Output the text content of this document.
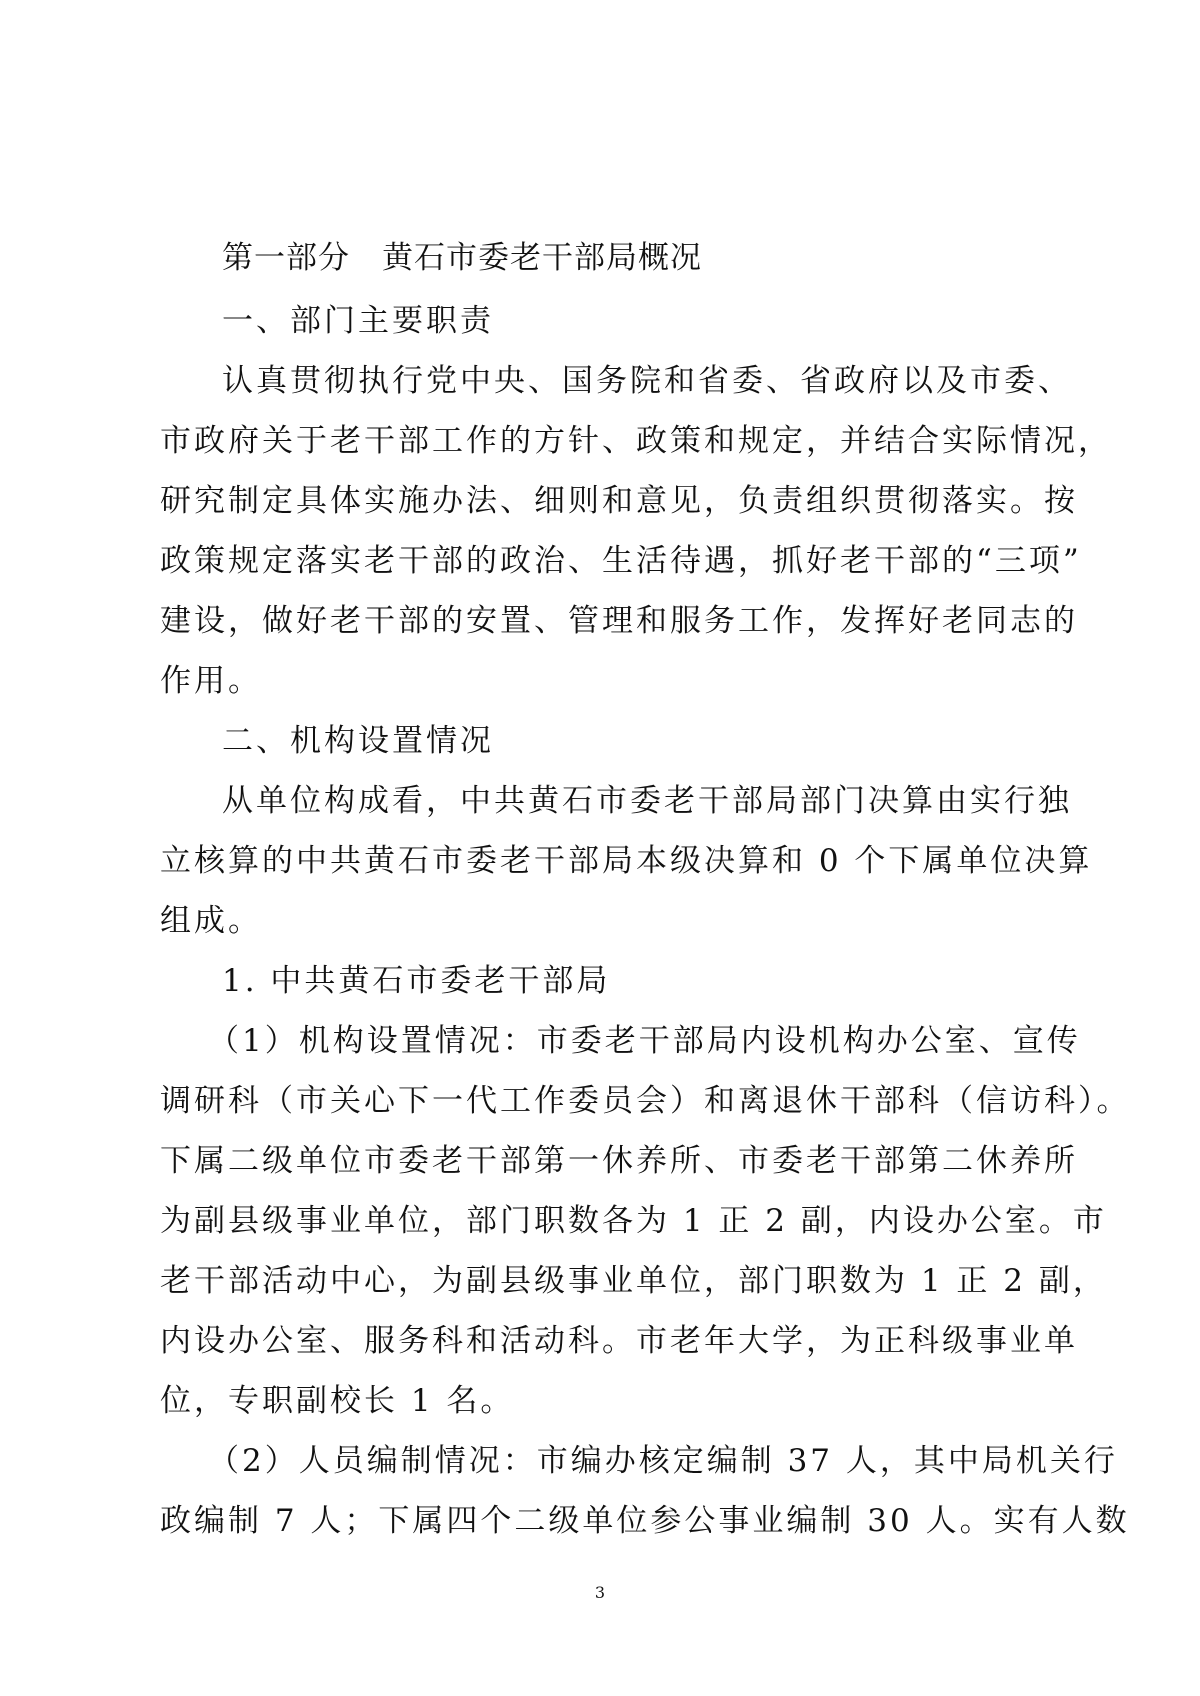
第一部分　黄石市委老干部局概况
一、部门主要职责
认真贯彻执行党中央、国务院和省委、省政府以及市委、
市政府关于老干部工作的方针、政策和规定，并结合实际情况，
研究制定具体实施办法、细则和意见，负责组织贯彻落实。按
政策规定落实老干部的政治、生活待遇，抓好老干部的“三项”
建设，做好老干部的安置、管理和服务工作，发挥好老同志的
作用。
二、机构设置情况
从单位构成看，中共黄石市委老干部局部门决算由实行独
立核算的中共黄石市委老干部局本级决算和 0 个下属单位决算
组成。
1. 中共黄石市委老干部局
（1）机构设置情况：市委老干部局内设机构办公室、宣传
调研科（市关心下一代工作委员会）和离退休干部科（信访科）。
下属二级单位市委老干部第一休养所、市委老干部第二休养所
为副县级事业单位，部门职数各为 1 正 2 副，内设办公室。市
老干部活动中心，为副县级事业单位，部门职数为 1 正 2 副，
内设办公室、服务科和活动科。市老年大学，为正科级事业单
位，专职副校长 1 名。
（2）人员编制情况：市编办核定编制 37 人，其中局机关行
政编制 7 人；下属四个二级单位参公事业编制 30 人。实有人数
3
